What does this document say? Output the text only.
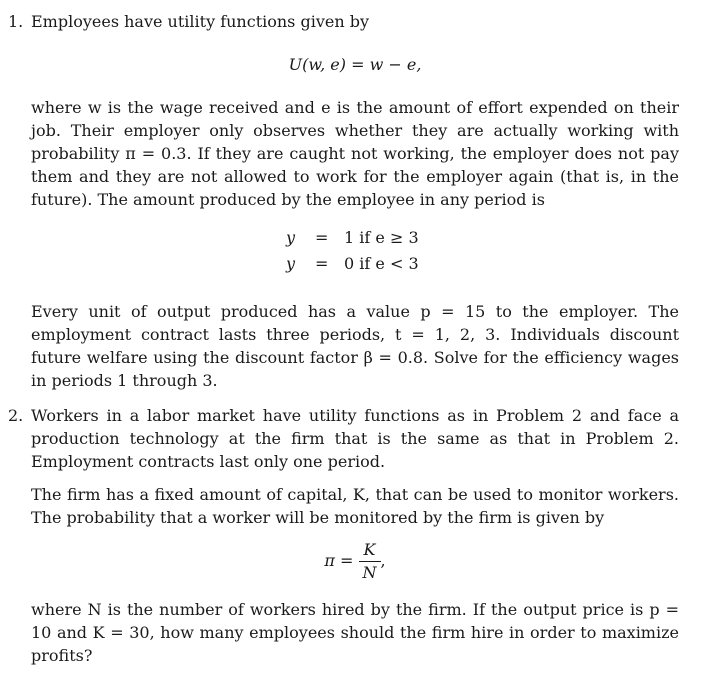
1. Employees have utility functions given by

U(w, e) = w − e,

where w is the wage received and e is the amount of effort expended on their job. Their employer only observes whether they are actually working with probability π = 0.3. If they are caught not working, the employer does not pay them and they are not allowed to work for the employer again (that is, in the future). The amount produced by the employee in any period is

y = 1 if e ≥ 3
y = 0 if e < 3

Every unit of output produced has a value p = 15 to the employer. The employment contract lasts three periods, t = 1, 2, 3. Individuals discount future welfare using the discount factor β = 0.8. Solve for the efficiency wages in periods 1 through 3.

2. Workers in a labor market have utility functions as in Problem 2 and face a production technology at the firm that is the same as that in Problem 2. Employment contracts last only one period.

The firm has a fixed amount of capital, K, that can be used to monitor workers. The probability that a worker will be monitored by the firm is given by

$\pi = \frac{K}{N}$ ,

where N is the number of workers hired by the firm. If the output price is p = 10 and K = 30, how many employees should the firm hire in order to maximize profits?
